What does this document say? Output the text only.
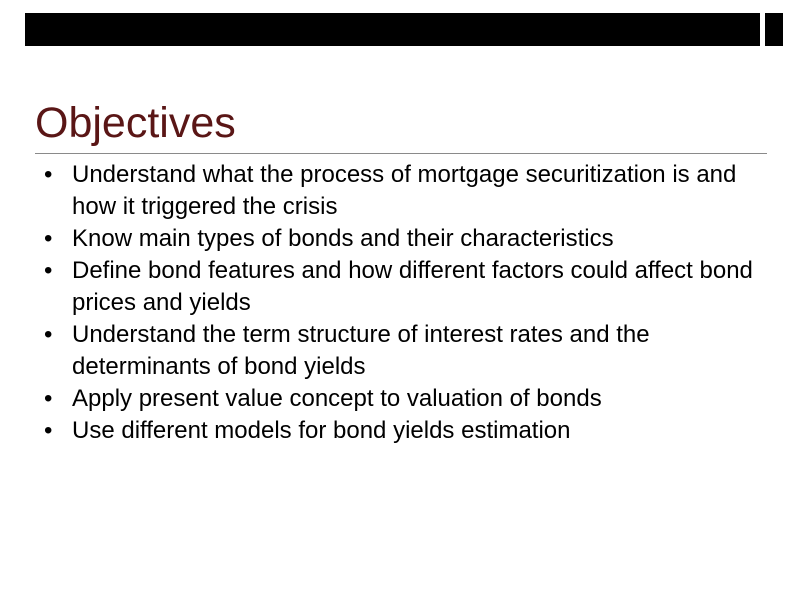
Objectives
• Understand what the process of mortgage securitization is and how it triggered the crisis
• Know main types of bonds and their characteristics
• Define bond features and how different factors could affect bond prices and yields
• Understand the term structure of interest rates and the determinants of bond yields
• Apply present value concept to valuation of bonds
• Use different models for bond yields estimation
